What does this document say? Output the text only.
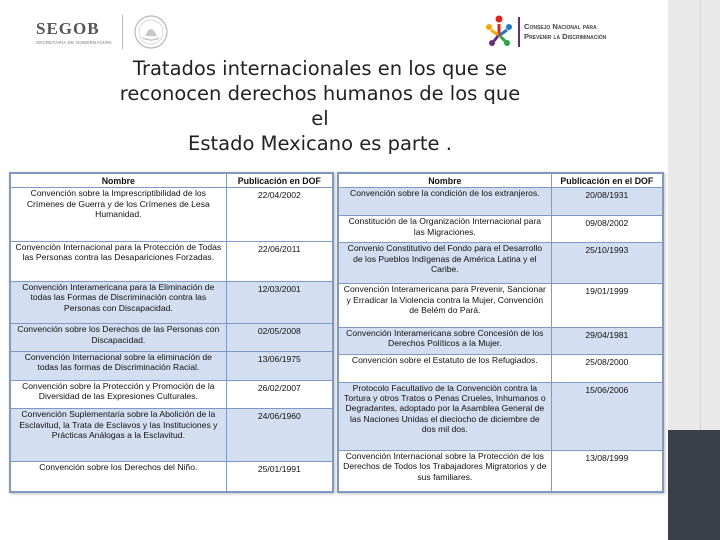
SEGOB
SECRETARÍA DE GOBERNACIÓN
Consejo Nacional para
Prevenir la Discriminación
Tratados internacionales en los que se
reconocen derechos humanos de los que el
Estado Mexicano es parte .
Nombre	Publicación en DOF
Convención sobre la Imprescriptibilidad de los Crímenes de Guerra y de los Crímenes de Lesa Humanidad.	22/04/2002
Convención Internacional para la Protección de Todas las Personas contra las Desapariciones Forzadas.	22/06/2011
Convención Interamericana para la Eliminación de todas las Formas de Discriminación contra las Personas con Discapacidad.	12/03/2001
Convención sobre los Derechos de las Personas con Discapacidad.	02/05/2008
Convención Internacional sobre la eliminación de todas las formas de Discriminación Racial.	13/06/1975
Convención sobre la Protección y Promoción de la Diversidad de las Expresiones Culturales.	26/02/2007
Convención Suplementaria sobre la Abolición de la Esclavitud, la Trata de Esclavos y las Instituciones y Prácticas Análogas a la Esclavitud.	24/06/1960
Convención sobre los Derechos del Niño.	25/01/1991
Nombre	Publicación en el DOF
Convención sobre la condición de los extranjeros.	20/08/1931
Constitución de la Organización Internacional para las Migraciones.	09/08/2002
Convenio Constitutivo del Fondo para el Desarrollo de los Pueblos Indígenas de América Latina y el Caribe.	25/10/1993
Convención Interamericana para Prevenir, Sancionar y Erradicar la Violencia contra la Mujer, Convención de Belém do Pará.	19/01/1999
Convención Interamericana sobre Concesión de los Derechos Políticos a la Mujer.	29/04/1981
Convención sobre el Estatuto de los Refugiados.	25/08/2000
Protocolo Facultativo de la Convención contra la Tortura y otros Tratos o Penas Crueles, Inhumanos o Degradantes, adoptado por la Asamblea General de las Naciones Unidas el dieciocho de diciembre de dos mil dos.	15/06/2006
Convención Internacional sobre la Protección de los Derechos de Todos los Trabajadores Migratorios y de sus familiares.	13/08/1999
